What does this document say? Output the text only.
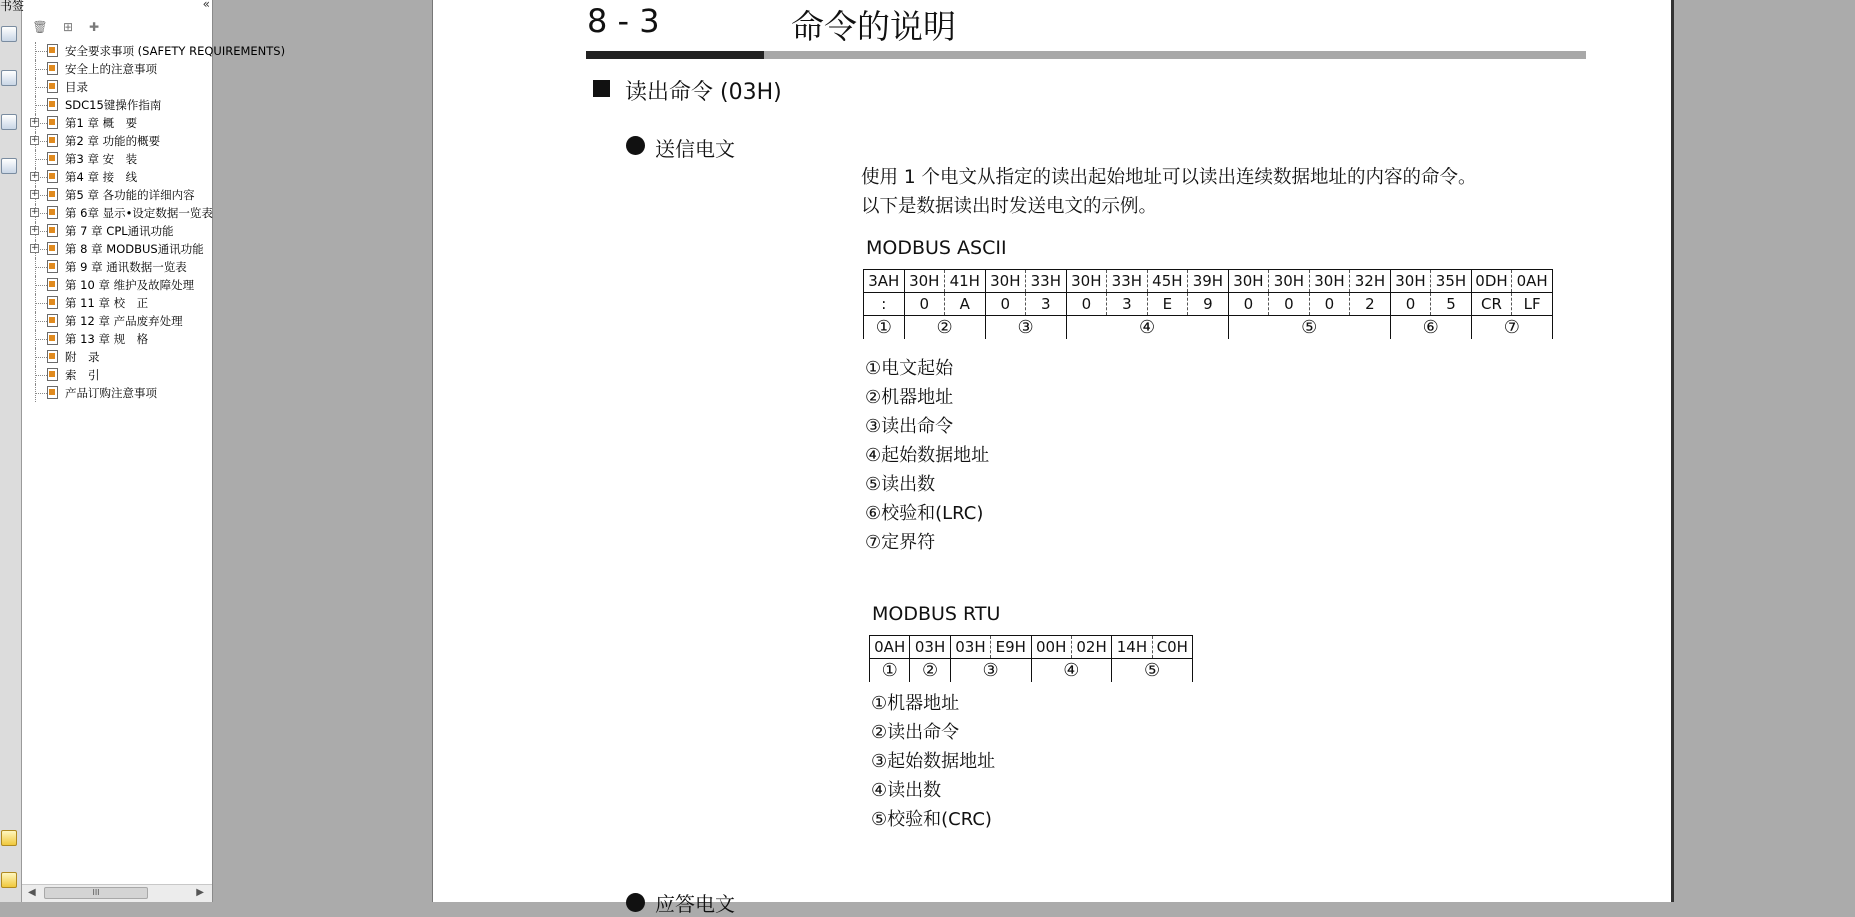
书签	«
🗑 ⊞ ✚
安全要求事项 (SAFETY REQUIREMENTS)
安全上的注意事项
目录
SDC15键操作指南
+ 第1 章 概　要
+ 第2 章 功能的概要
第3 章 安　装
+ 第4 章 接　线
+ 第5 章 各功能的详细内容
+ 第 6章 显示•设定数据一览表
+ 第 7 章 CPL通讯功能
+ 第 8 章 MODBUS通讯功能
第 9 章 通讯数据一览表
第 10 章 维护及故障处理
第 11 章 校　正
第 12 章 产品废弃处理
第 13 章 规　格
附　录
索　引
产品订购注意事项
◀	III	▶
8 - 3	命令的说明
读出命令 (03H)
送信电文
使用 1 个电文从指定的读出起始地址可以读出连续数据地址的内容的命令。
以下是数据读出时发送电文的示例。
MODBUS ASCII
3AH	30H	41H	30H	33H	30H	33H	45H	39H	30H	30H	30H	32H	30H	35H	0DH	0AH
:	0	A	0	3	0	3	E	9	0	0	0	2	0	5	CR	LF
①	②		③		④				⑤				⑥		⑦	
①电文起始
②机器地址
③读出命令
④起始数据地址
⑤读出数
⑥校验和(LRC)
⑦定界符
MODBUS RTU
0AH	03H	03H	E9H	00H	02H	14H	C0H
①	②	③		④		⑤	
①机器地址
②读出命令
③起始数据地址
④读出数
⑤校验和(CRC)
应答电文
